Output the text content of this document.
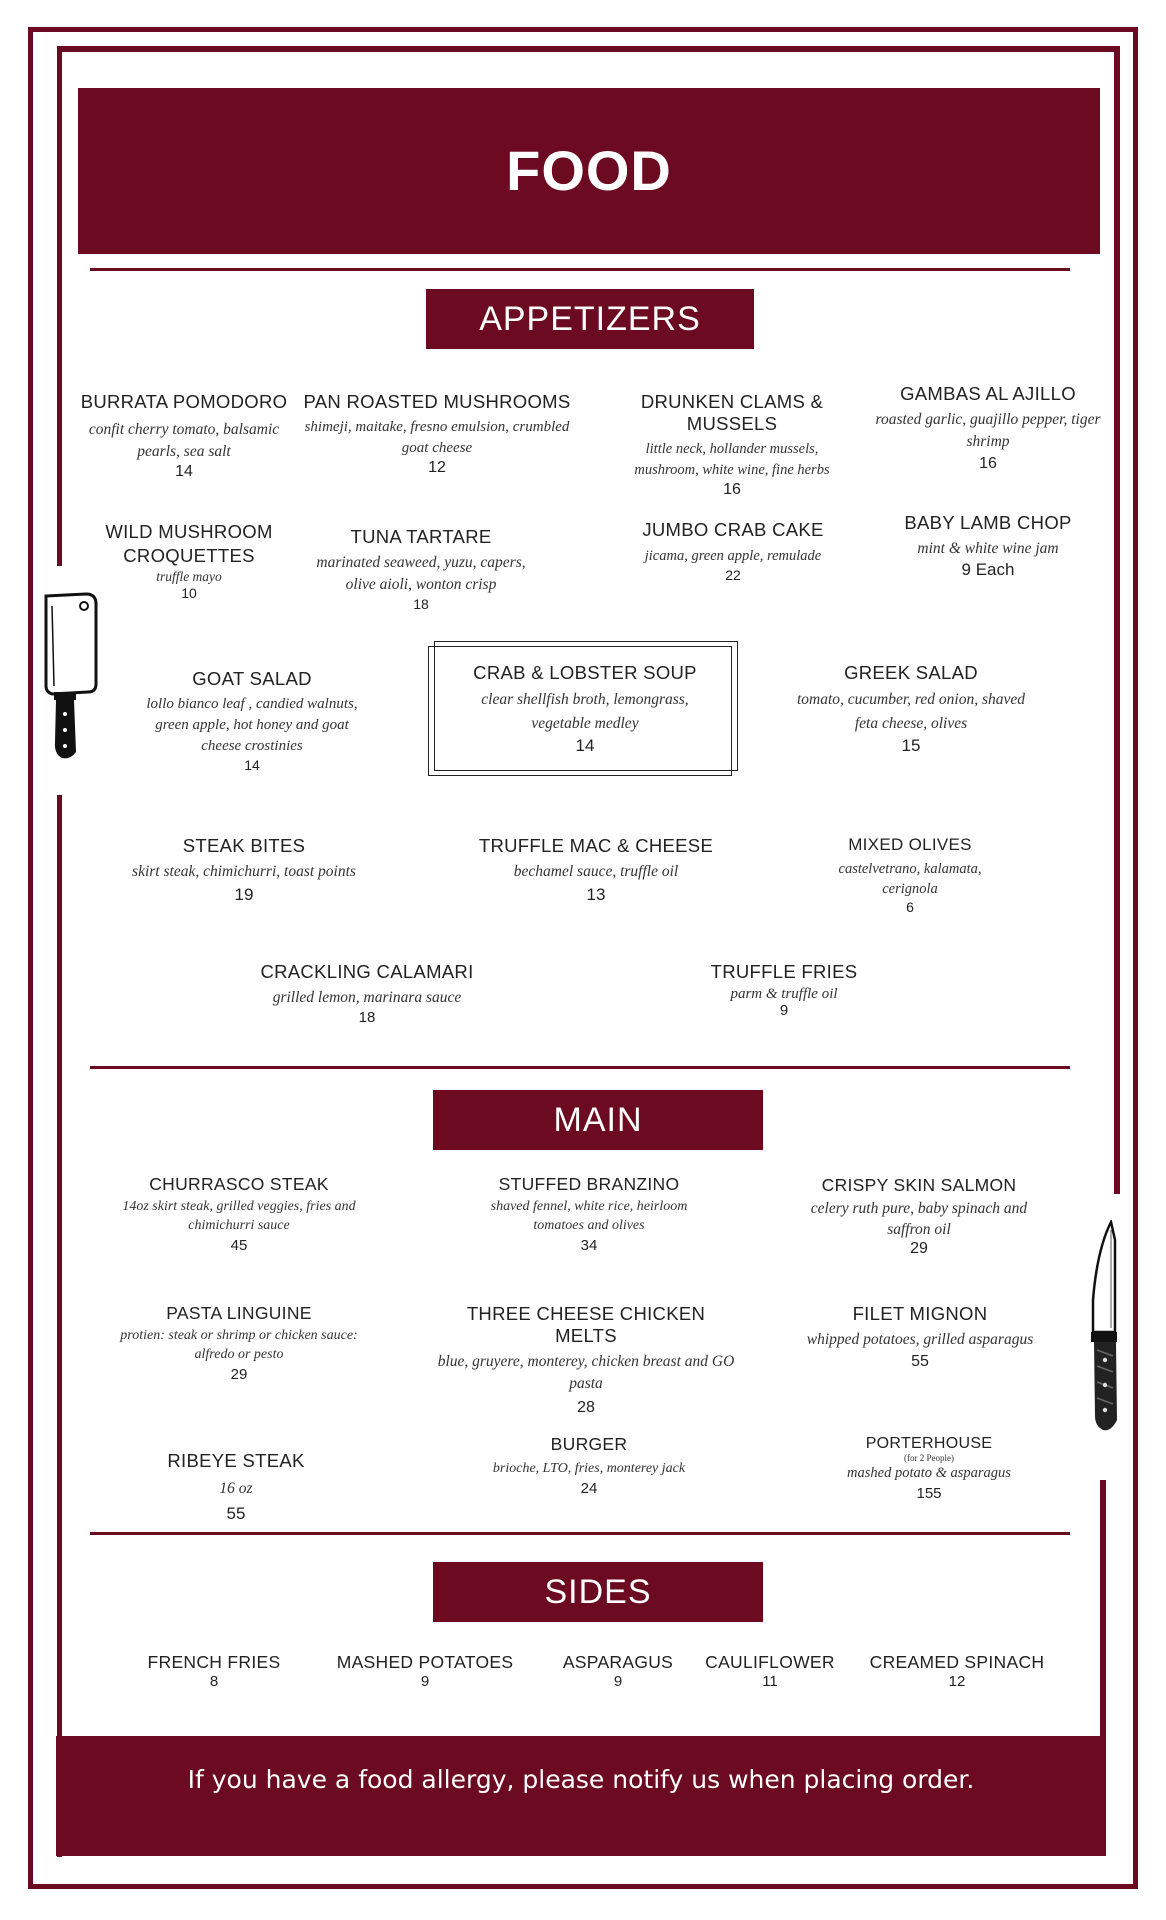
FOOD
APPETIZERS
BURRATA POMODORO
confit cherry tomato, balsamic pearls, sea salt
14
PAN ROASTED MUSHROOMS
shimeji, maitake, fresno emulsion, crumbled goat cheese
12
DRUNKEN CLAMS & MUSSELS
little neck, hollander mussels, mushroom, white wine, fine herbs
16
GAMBAS AL AJILLO
roasted garlic, guajillo pepper, tiger shrimp
16
WILD MUSHROOM CROQUETTES
truffle mayo
10
TUNA TARTARE
marinated seaweed, yuzu, capers, olive aioli, wonton crisp
18
JUMBO CRAB CAKE
jicama, green apple, remulade
22
BABY LAMB CHOP
mint & white wine jam
9 Each
GOAT SALAD
lollo bianco leaf , candied walnuts, green apple, hot honey and goat cheese crostinies
14
CRAB & LOBSTER SOUP
clear shellfish broth, lemongrass, vegetable medley
14
GREEK SALAD
tomato, cucumber, red onion, shaved feta cheese, olives
15
STEAK BITES
skirt steak, chimichurri, toast points
19
TRUFFLE MAC & CHEESE
bechamel sauce, truffle oil
13
MIXED OLIVES
castelvetrano, kalamata, cerignola
6
CRACKLING CALAMARI
grilled lemon, marinara sauce
18
TRUFFLE FRIES
parm & truffle oil
9
MAIN
CHURRASCO STEAK
14oz skirt steak, grilled veggies, fries and chimichurri sauce
45
STUFFED BRANZINO
shaved fennel, white rice, heirloom tomatoes and olives
34
CRISPY SKIN SALMON
celery ruth pure, baby spinach and saffron oil
29
PASTA LINGUINE
protien: steak or shrimp or chicken sauce: alfredo or pesto
29
THREE CHEESE CHICKEN MELTS
blue, gruyere, monterey, chicken breast and GO pasta
28
FILET MIGNON
whipped potatoes, grilled asparagus
55
RIBEYE STEAK
16 oz
55
BURGER
brioche, LTO, fries, monterey jack
24
PORTERHOUSE
(for 2 People)
mashed potato & asparagus
155
SIDES
FRENCH FRIES
8
MASHED POTATOES
9
ASPARAGUS
9
CAULIFLOWER
11
CREAMED SPINACH
12

If you have a food allergy, please notify us when placing order.
